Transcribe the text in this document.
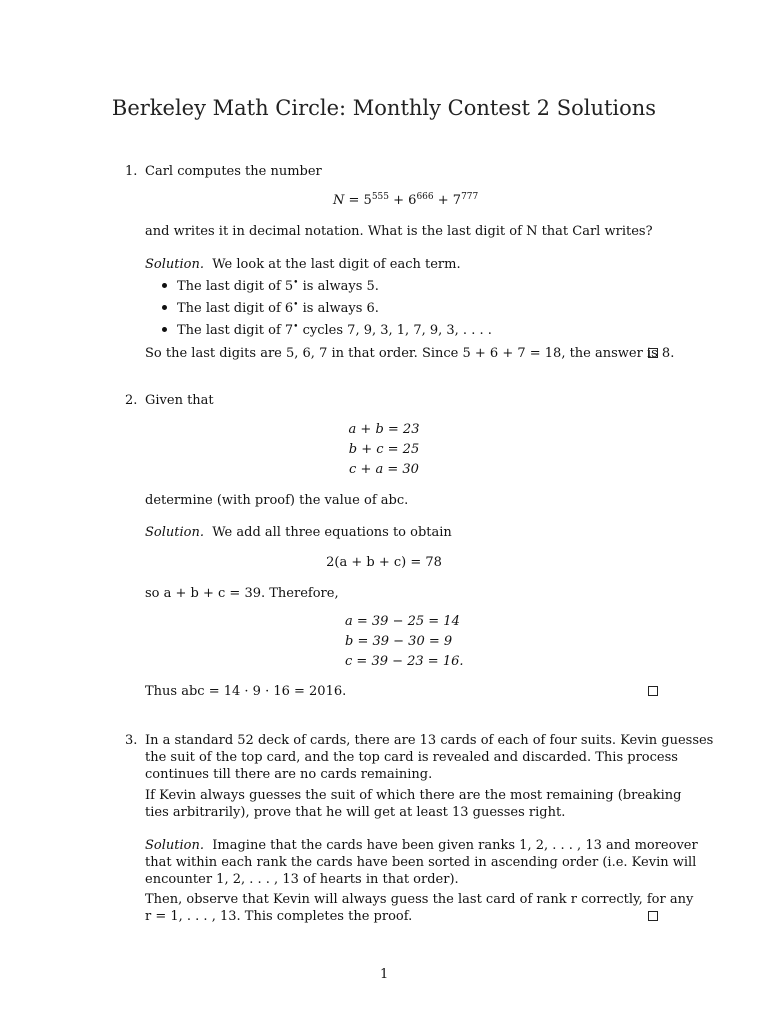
Berkeley Math Circle: Monthly Contest 2 Solutions
1. Carl computes the number
$N = 5^{555} + 6^{666} + 7^{777}$
and writes it in decimal notation. What is the last digit of N that Carl writes?
Solution. We look at the last digit of each term.
The last digit of 5• is always 5.
The last digit of 6• is always 6.
The last digit of 7• cycles 7, 9, 3, 1, 7, 9, 3, . . . .
So the last digits are 5, 6, 7 in that order. Since 5 + 6 + 7 = 18, the answer is 8.
2. Given that
a + b = 23
b + c = 25
c + a = 30
determine (with proof) the value of abc.
Solution. We add all three equations to obtain
2(a + b + c) = 78
so a + b + c = 39. Therefore,
a = 39 − 25 = 14
b = 39 − 30 = 9
c = 39 − 23 = 16.
Thus abc = 14 · 9 · 16 = 2016.
3. In a standard 52 deck of cards, there are 13 cards of each of four suits. Kevin guesses
the suit of the top card, and the top card is revealed and discarded. This process
continues till there are no cards remaining.
If Kevin always guesses the suit of which there are the most remaining (breaking
ties arbitrarily), prove that he will get at least 13 guesses right.
Solution. Imagine that the cards have been given ranks 1, 2, . . . , 13 and moreover
that within each rank the cards have been sorted in ascending order (i.e. Kevin will
encounter 1, 2, . . . , 13 of hearts in that order).
Then, observe that Kevin will always guess the last card of rank r correctly, for any
r = 1, . . . , 13. This completes the proof.
1
